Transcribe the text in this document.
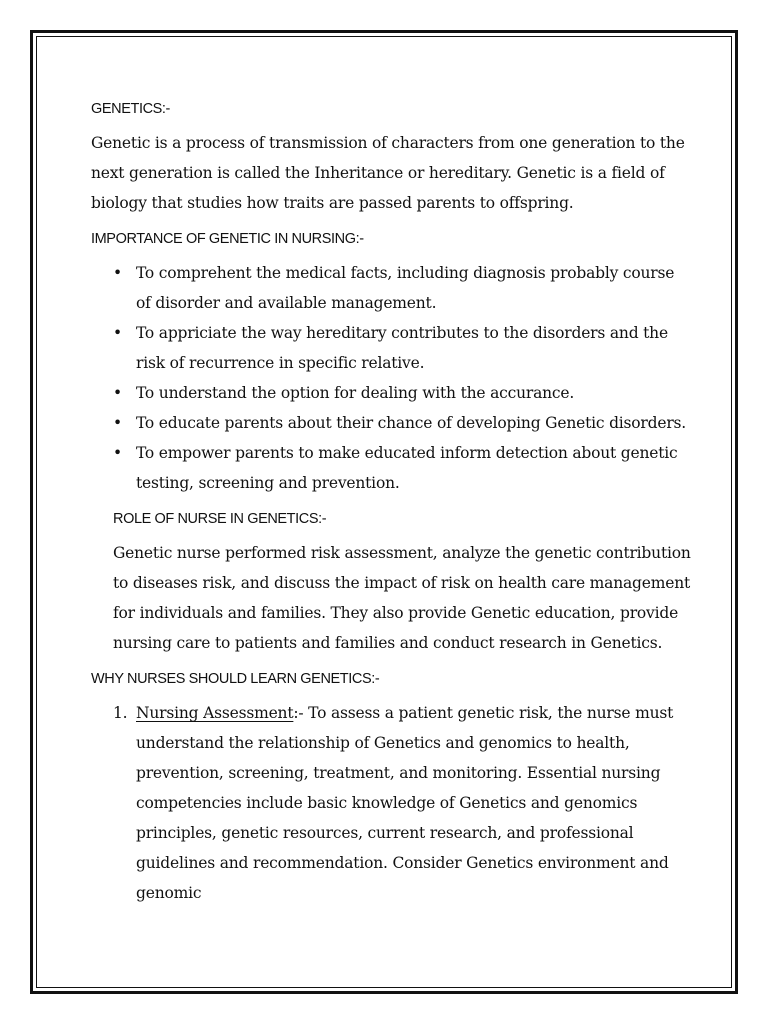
GENETICS:-

Genetic is a process of transmission of characters from one generation to the next generation is called the Inheritance or hereditary. Genetic is a field of biology that studies how traits are passed parents to offspring.

IMPORTANCE OF GENETIC IN NURSING:-
• To comprehent the medical facts, including diagnosis probably course of disorder and available management.
• To appriciate the way hereditary contributes to the disorders and the risk of recurrence in specific relative.
• To understand the option for dealing with the accurance.
• To educate parents about their chance of developing Genetic disorders.
• To empower parents to make educated inform detection about genetic testing, screening and prevention.
ROLE OF NURSE IN GENETICS:-

Genetic nurse performed risk assessment, analyze the genetic contribution to diseases risk, and discuss the impact of risk on health care management for individuals and families. They also provide Genetic education, provide nursing care to patients and families and conduct research in Genetics.

WHY NURSES SHOULD LEARN GENETICS:-
1. Nursing Assessment:- To assess a patient genetic risk, the nurse must understand the relationship of Genetics and genomics to health, prevention, screening, treatment, and monitoring. Essential nursing competencies include basic knowledge of Genetics and genomics principles, genetic resources, current research, and professional guidelines and recommendation. Consider Genetics environment and genomic
